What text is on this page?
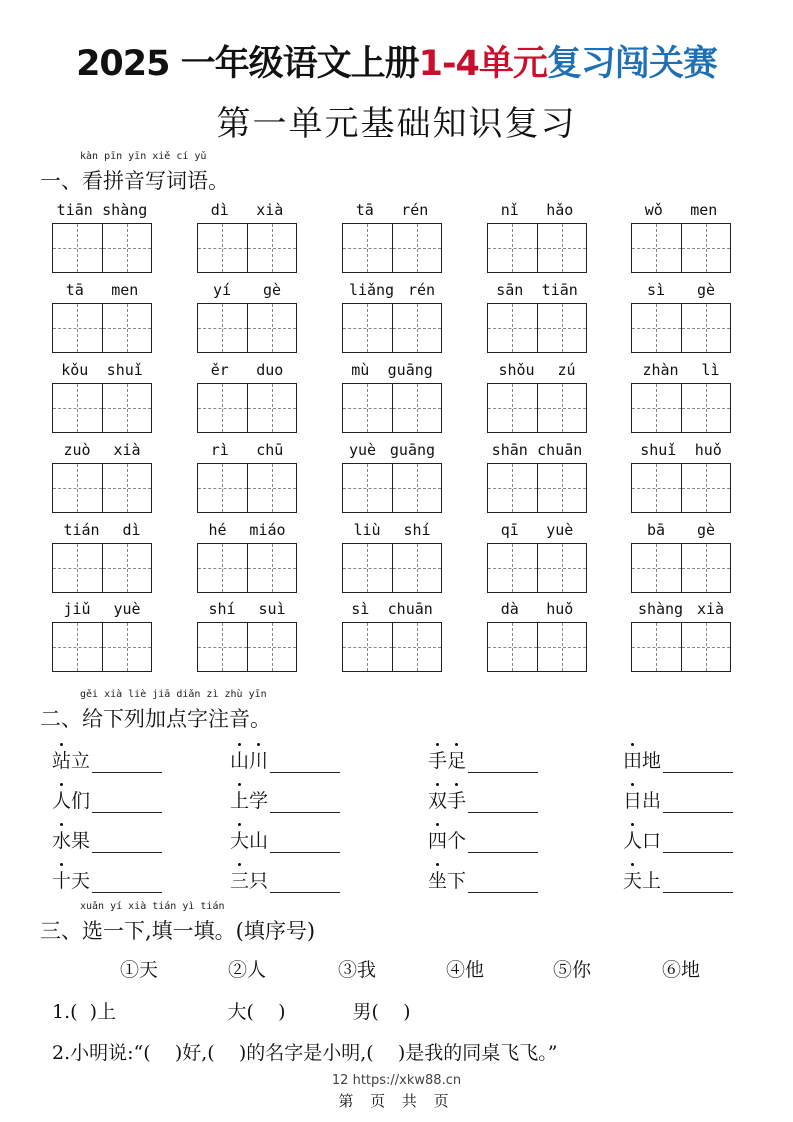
2025 一年级语文上册1-4单元复习闯关赛
第一单元基础知识复习
kàn pīn yīn xiě cí yǔ
一、看拼音写词语。
tiān shàng	dì xià	tā rén	nǐ hǎo	wǒ men
tā men	yí gè	liǎng rén	sān tiān	sì gè
kǒu shuǐ	ěr duo	mù guāng	shǒu zú	zhàn lì
zuò xià	rì chū	yuè guāng	shān chuān	shuǐ huǒ
tián dì	hé miáo	liù shí	qī yuè	bā gè
jiǔ yuè	shí suì	sì chuān	dà huǒ	shàng xià
gěi xià liè jiā diǎn zì zhù yīn
二、给下列加点字注音。
站 立	山 川	手 足	田 地
人 们	上 学	双 手	日 出
水 果	大 山	四 个	人 口
十 天	三 只	坐 下	天 上
xuǎn yí xià tián yì tián
三、选一下,填一填。(填序号)
①天	②人	③我	④他	⑤你	⑥地
1.(  )上	大(    )	男(    )
2.小明说:“(    )好,(    )的名字是小明,(    )是我的同桌飞飞。”
12 https://xkw88.cn
第 页 共 页
